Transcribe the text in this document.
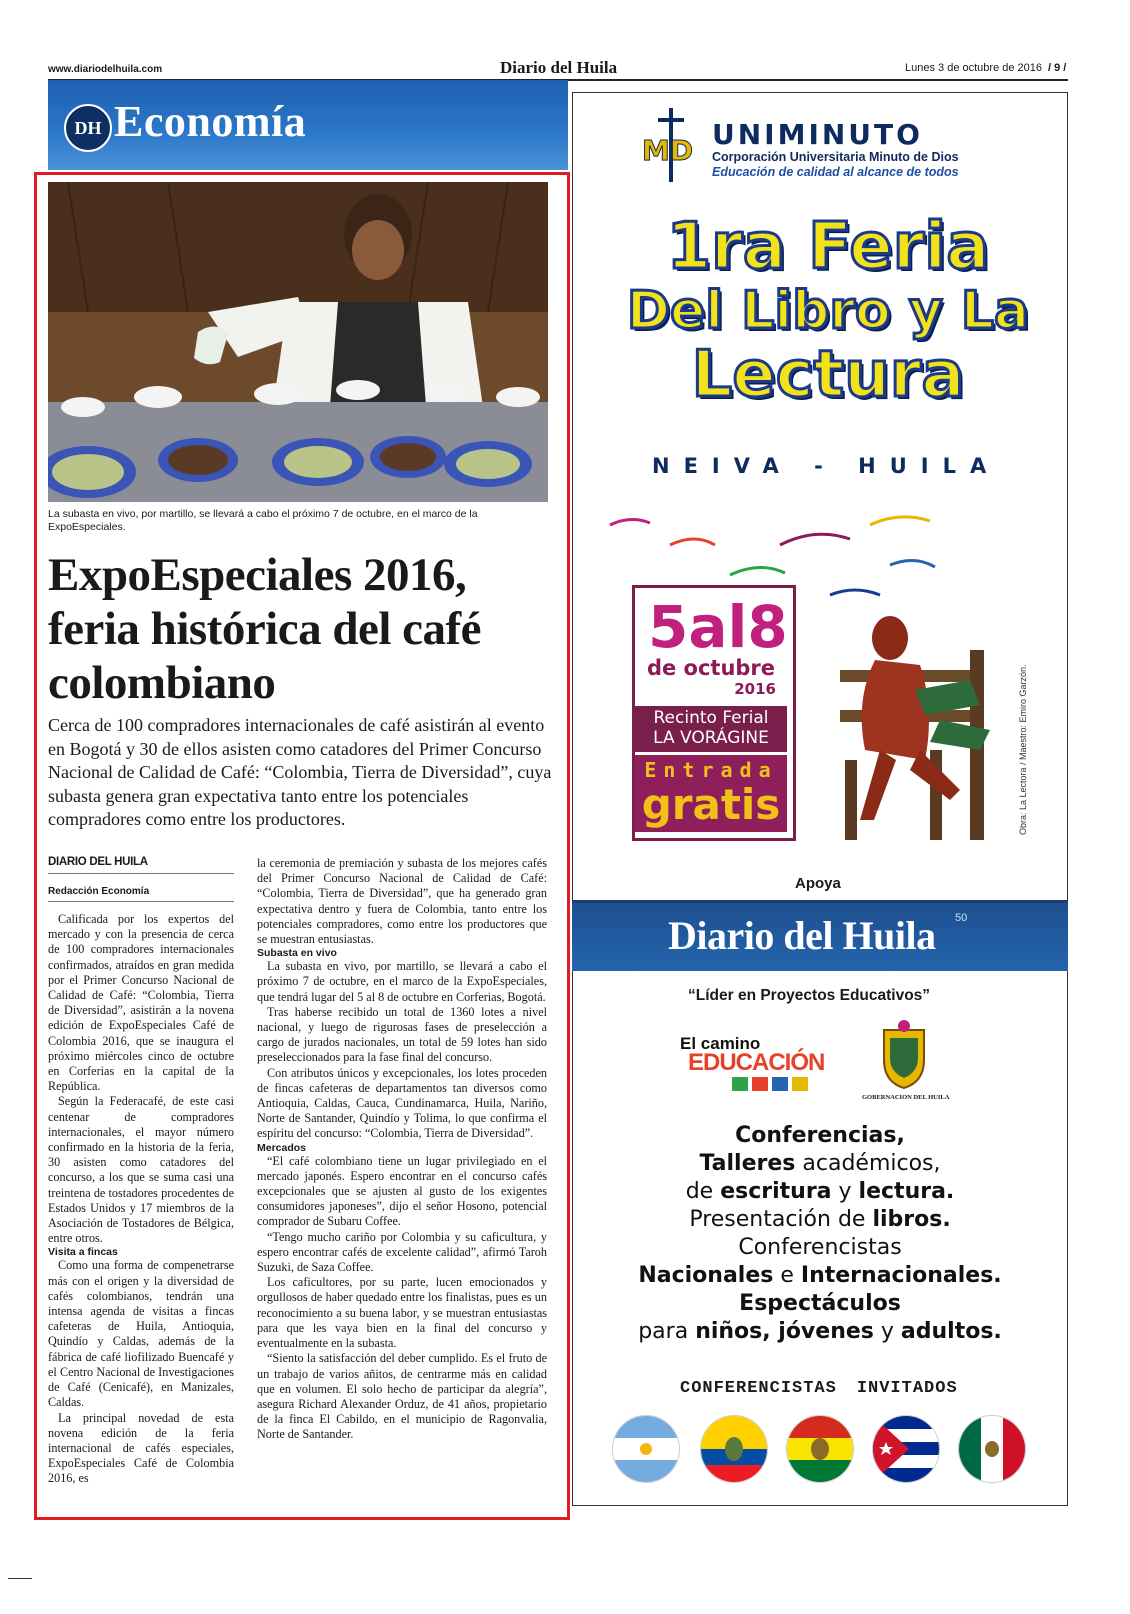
www.diariodelhuila.com	Diario del Huila	Lunes 3 de octubre de 2016 / 9 /
DH Economía
La subasta en vivo, por martillo, se llevará a cabo el próximo 7 de octubre, en el marco de la ExpoEspeciales.
ExpoEspeciales 2016, feria histórica del café colombiano

Cerca de 100 compradores internacionales de café asistirán al evento en Bogotá y 30 de ellos asisten como catadores del Primer Concurso Nacional de Calidad de Café: “Colombia, Tierra de Diversidad”, cuya subasta genera gran expectativa tanto entre los potenciales compradores como entre los productores.

DIARIO DEL HUILA
Redacción Economía

Calificada por los expertos del mercado y con la presencia de cerca de 100 compradores internacionales confirmados, atraídos en gran medida por el Primer Concurso Nacional de Calidad de Café: “Colombia, Tierra de Diversidad”, asistirán a la novena edición de ExpoEspeciales Café de Colombia 2016, que se inaugura el próximo miércoles cinco de octubre en Corferias en la capital de la República.

Según la Federacafé, de este casi centenar de compradores internacionales, el mayor número confirmado en la historia de la feria, 30 asisten como catadores del concurso, a los que se suma casi una treintena de tostadores procedentes de Estados Unidos y 17 miembros de la Asociación de Tostadores de Bélgica, entre otros.

Visita a fincas

Como una forma de compenetrarse más con el origen y la diversidad de cafés colombianos, tendrán una intensa agenda de visitas a fincas cafeteras de Huila, Antioquia, Quindío y Caldas, además de la fábrica de café liofilizado Buencafé y el Centro Nacional de Investigaciones de Café (Cenicafé), en Manizales, Caldas.

La principal novedad de esta novena edición de la feria internacional de cafés especiales, ExpoEspeciales Café de Colombia 2016, es

la ceremonia de premiación y subasta de los mejores cafés del Primer Concurso Nacional de Calidad de Café: “Colombia, Tierra de Diversidad”, que ha generado gran expectativa dentro y fuera de Colombia, tanto entre los potenciales compradores, como entre los productores que se muestran entusiastas.

Subasta en vivo

La subasta en vivo, por martillo, se llevará a cabo el próximo 7 de octubre, en el marco de la ExpoEspeciales, que tendrá lugar del 5 al 8 de octubre en Corferias, Bogotá.

Tras haberse recibido un total de 1360 lotes a nivel nacional, y luego de rigurosas fases de preselección a cargo de jurados nacionales, un total de 59 lotes han sido preseleccionados para la fase final del concurso.

Con atributos únicos y excepcionales, los lotes proceden de fincas cafeteras de departamentos tan diversos como Antioquia, Caldas, Cauca, Cundinamarca, Huila, Nariño, Norte de Santander, Quindío y Tolima, lo que confirma el espíritu del concurso: “Colombia, Tierra de Diversidad”.

Mercados

“El café colombiano tiene un lugar privilegiado en el mercado japonés. Espero encontrar en el concurso cafés excepcionales que se ajusten al gusto de los exigentes consumidores japoneses”, dijo el señor Hosono, potencial comprador de Subaru Coffee.

“Tengo mucho cariño por Colombia y su caficultura, y espero encontrar cafés de excelente calidad”, afirmó Taroh Suzuki, de Saza Coffee.

Los caficultores, por su parte, lucen emocionados y orgullosos de haber quedado entre los finalistas, pues es un reconocimiento a su buena labor, y se muestran entusiastas para que les vaya bien en la final del concurso y eventualmente en la subasta.

“Siento la satisfacción del deber cumplido. Es el fruto de un trabajo de varios añitos, de centrarme más en calidad que en volumen. El solo hecho de participar da alegría”, asegura Richard Alexander Orduz, de 41 años, propietario de la finca El Cabildo, en el municipio de Ragonvalia, Norte de Santander.

MD UNIMINUTO
Corporación Universitaria Minuto de Dios
Educación de calidad al alcance de todos
1ra Feria
Del Libro y La
Lectura
NEIVA - HUILA
5al8
de octubre
2016
Recinto Ferial
LA VORÁGINE
Entrada
gratis	Obra: La Lectora / Maestro: Emiro Garzón.
Apoya
Diario del Huila 50
“Líder en Proyectos Educativos”
El camino
EDUCACIÓN
GOBERNACION DEL HUILA
Conferencias,
Talleres académicos,
de escritura y lectura.
Presentación de libros.
Conferencistas
Nacionales e Internacionales.
Espectáculos
para niños, jóvenes y adultos.
CONFERENCISTAS INVITADOS
